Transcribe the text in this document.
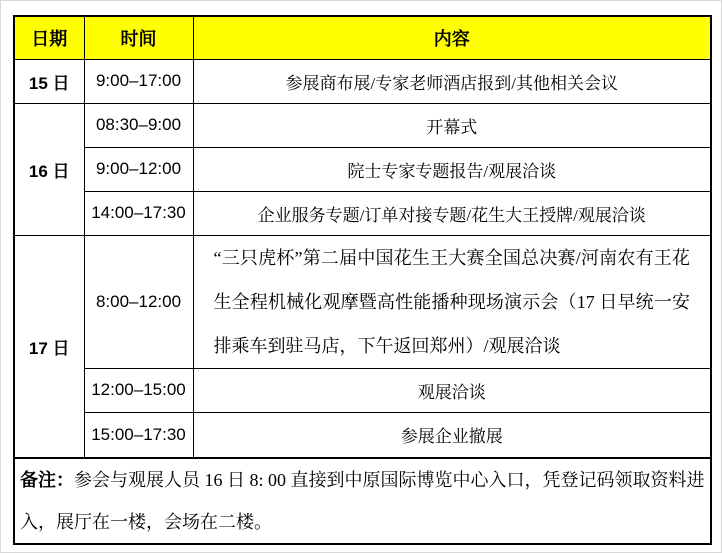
日期	时间	内容
15 日	9:00–17:00	参展商布展/专家老师酒店报到/其他相关会议
16 日	08:30–9:00	开幕式
	9:00–12:00	院士专家专题报告/观展洽谈
	14:00–17:30	企业服务专题/订单对接专题/花生大王授牌/观展洽谈
17 日	8:00–12:00	“三只虎杯”第二届中国花生王大赛全国总决赛/河南农有王花生全程机械化观摩暨高性能播种现场演示会（17 日早统一安排乘车到驻马店，下午返回郑州）/观展洽谈
	12:00–15:00	观展洽谈
	15:00–17:30	参展企业撤展
备注：参会与观展人员 16 日 8: 00 直接到中原国际博览中心入口，凭登记码领取资料进入，展厅在一楼，会场在二楼。		
